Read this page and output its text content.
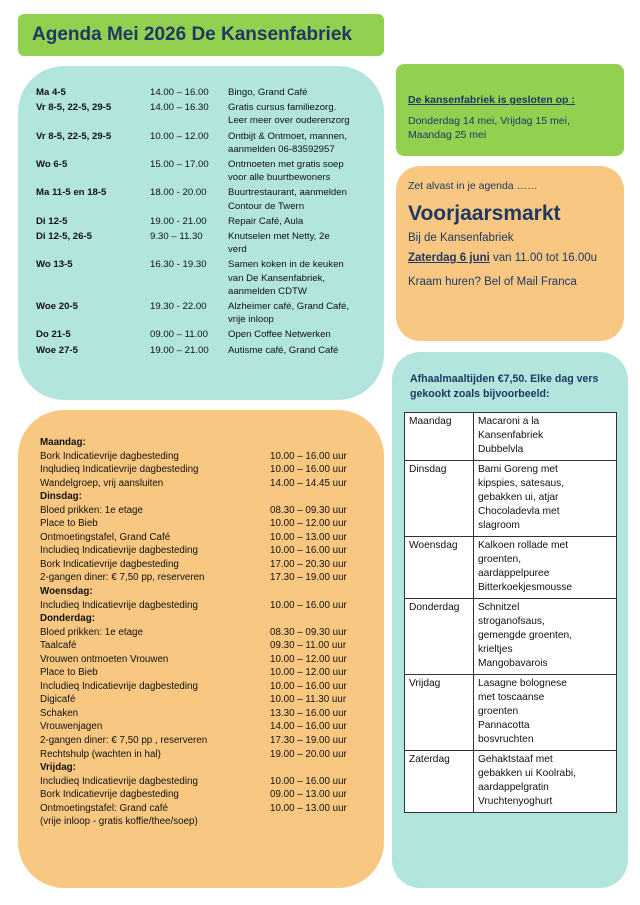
Agenda Mei 2026 De Kansenfabriek
Ma 4-5	14.00 – 16.00	Bingo, Grand Café
Vr 8-5, 22-5, 29-5	14.00 – 16.30	Gratis cursus familiezorg.
Leer meer over ouderenzorg
Vr 8-5, 22-5, 29-5	10.00 – 12.00	Ontbijt & Ontmoet, mannen,
aanmelden 06-83592957
Wo 6-5	15.00 – 17.00	Ontmoeten met gratis soep
voor alle buurtbewoners
Ma 11-5 en 18-5	18.00 - 20.00	Buurtrestaurant, aanmelden
Contour de Twern
Di 12-5	19.00 - 21.00	Repair Café, Aula
Di 12-5, 26-5	9.30 – 11.30	Knutselen met Netty, 2e
verd
Wo 13-5	16.30 - 19.30	Samen koken in de keuken
van De Kansenfabriek,
aanmelden CDTW
Woe 20-5	19.30 - 22.00	Alzheimer café, Grand Café,
vrije inloop
Do 21-5	09.00 – 11.00	Open Coffee Netwerken
Woe 27-5	19.00 – 21.00	Autisme café, Grand Café
Maandag:
Bork Indicatievrije dagbesteding	10.00 – 16.00 uur
Inqludieq Indicatievrije dagbesteding	10.00 – 16.00 uur
Wandelgroep, vrij aansluiten	14.00 – 14.45 uur
Dinsdag:
Bloed prikken: 1e etage	08.30 – 09.30 uur
Place to Bieb	10.00 – 12.00 uur
Ontmoetingstafel, Grand Café	10.00 – 13.00 uur
Includieq Indicatievrije dagbesteding	10.00 – 16.00 uur
Bork Indicatievrije dagbesteding	17.00 – 20.30 uur
2-gangen diner: € 7,50 pp, reserveren	17.30 – 19.00 uur
Woensdag:
Includieq Indicatievrije dagbesteding	10.00 – 16.00 uur
Donderdag:
Bloed prikken: 1e etage	08.30 – 09.30 uur
Taalcafé	09.30 – 11.00 uur
Vrouwen ontmoeten Vrouwen	10.00 – 12.00 uur
Place to Bieb	10.00 – 12.00 uur
Includieq Indicatievrije dagbesteding	10.00 – 16.00 uur
Digicafé	10.00 – 11.30 uur
Schaken	13.30 – 16.00 uur
Vrouwenjagen	14.00 – 16.00 uur
2-gangen diner: € 7,50 pp , reserveren	17.30 – 19.00 uur
Rechtshulp (wachten in hal)	19.00 – 20.00 uur
Vrijdag:
Includieq Indicatievrije dagbesteding	10.00 – 16.00 uur
Bork Indicatievrije dagbesteding	09.00 – 13.00 uur
Ontmoetingstafel: Grand café	10.00 – 13.00 uur
(vrije inloop - gratis koffie/thee/soep)
De kansenfabriek is gesloten op :
Donderdag 14 mei, Vrijdag 15 mei,
Maandag 25 mei
Zet alvast in je agenda ……
Voorjaarsmarkt
Bij de Kansenfabriek
Zaterdag 6 juni van 11.00 tot 16.00u
Kraam huren? Bel of Mail Franca
Afhaalmaaltijden €7,50. Elke dag vers gekookt zoals bijvoorbeeld:
Maandag	Macaroni a la
Kansenfabriek
Dubbelvla

Dinsdag	Bami Goreng met
kipspies, satesaus,
gebakken ui, atjar
Chocoladevla met
slagroom

Woensdag	Kalkoen rollade met
groenten,
aardappelpuree
Bitterkoekjesmousse

Donderdag	Schnitzel
stroganofsaus,
gemengde groenten,
krieltjes
Mangobavarois

Vrijdag	Lasagne bolognese
met toscaanse
groenten
Pannacotta
bosvruchten

Zaterdag	Gehaktstaaf met
gebakken ui Koolrabi,
aardappelgratin
Vruchtenyoghurt
